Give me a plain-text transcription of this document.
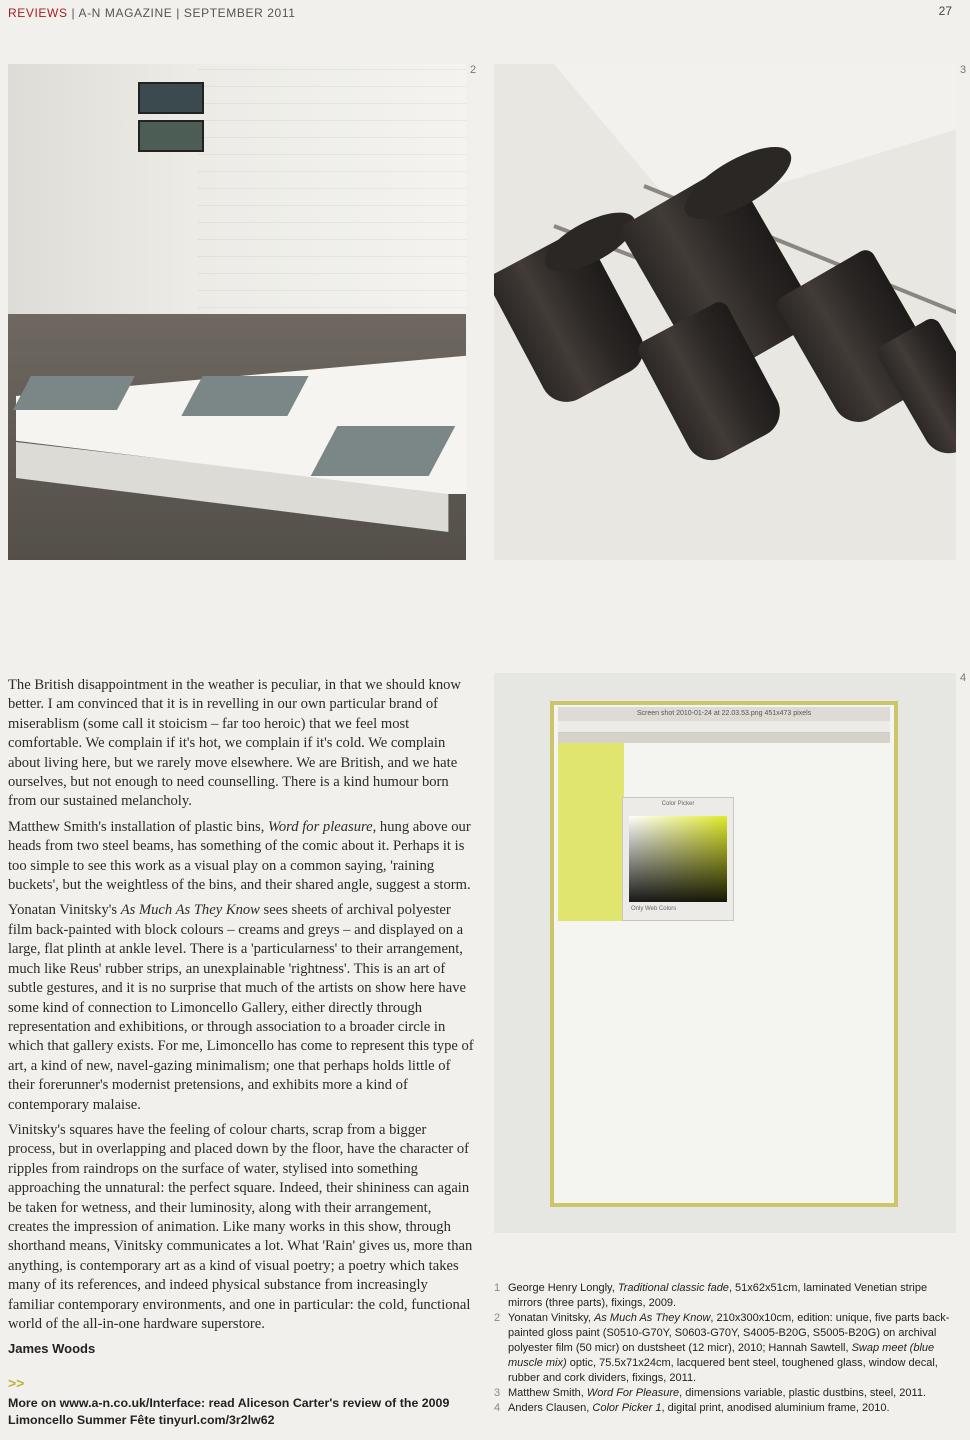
REVIEWS | A-N MAGAZINE | SEPTEMBER 2011	27
2	3
4
Screen shot 2010-01-24 at 22.03.53.png 451x473 pixels
Color Picker
Only Web Colors

The British disappointment in the weather is peculiar, in that we should know better. I am convinced that it is in revelling in our own particular brand of miserablism (some call it stoicism – far too heroic) that we feel most comfortable. We complain if it's hot, we complain if it's cold. We complain about living here, but we rarely move elsewhere. We are British, and we hate ourselves, but not enough to need counselling. There is a kind humour born from our sustained melancholy.

Matthew Smith's installation of plastic bins, Word for pleasure, hung above our heads from two steel beams, has something of the comic about it. Perhaps it is too simple to see this work as a visual play on a common saying, 'raining buckets', but the weightless of the bins, and their shared angle, suggest a storm.

Yonatan Vinitsky's As Much As They Know sees sheets of archival polyester film back-painted with block colours – creams and greys – and displayed on a large, flat plinth at ankle level. There is a 'particularness' to their arrangement, much like Reus' rubber strips, an unexplainable 'rightness'. This is an art of subtle gestures, and it is no surprise that much of the artists on show here have some kind of connection to Limoncello Gallery, either directly through representation and exhibitions, or through association to a broader circle in which that gallery exists. For me, Limoncello has come to represent this type of art, a kind of new, navel-gazing minimalism; one that perhaps holds little of their forerunner's modernist pretensions, and exhibits more a kind of contemporary malaise.

Vinitsky's squares have the feeling of colour charts, scrap from a bigger process, but in overlapping and placed down by the floor, have the character of ripples from raindrops on the surface of water, stylised into something approaching the unnatural: the perfect square. Indeed, their shininess can again be taken for wetness, and their luminosity, along with their arrangement, creates the impression of animation. Like many works in this show, through shorthand means, Vinitsky communicates a lot. What 'Rain' gives us, more than anything, is contemporary art as a kind of visual poetry; a poetry which takes many of its references, and indeed physical substance from increasingly familiar contemporary environments, and one in particular: the cold, functional world of the all-in-one hardware superstore.

James Woods
>>
More on www.a-n.co.uk/Interface: read Aliceson Carter's review of the 2009 Limoncello Summer Fête tinyurl.com/3r2lw62
1 George Henry Longly, Traditional classic fade, 51x62x51cm, laminated Venetian stripe mirrors (three parts), fixings, 2009.
2 Yonatan Vinitsky, As Much As They Know, 210x300x10cm, edition: unique, five parts back-painted gloss paint (S0510-G70Y, S0603-G70Y, S4005-B20G, S5005-B20G) on archival polyester film (50 micr) on dustsheet (12 micr), 2010; Hannah Sawtell, Swap meet (blue muscle mix) optic, 75.5x71x24cm, lacquered bent steel, toughened glass, window decal, rubber and cork dividers, fixings, 2011.
3 Matthew Smith, Word For Pleasure, dimensions variable, plastic dustbins, steel, 2011.
4 Anders Clausen, Color Picker 1, digital print, anodised aluminium frame, 2010.
